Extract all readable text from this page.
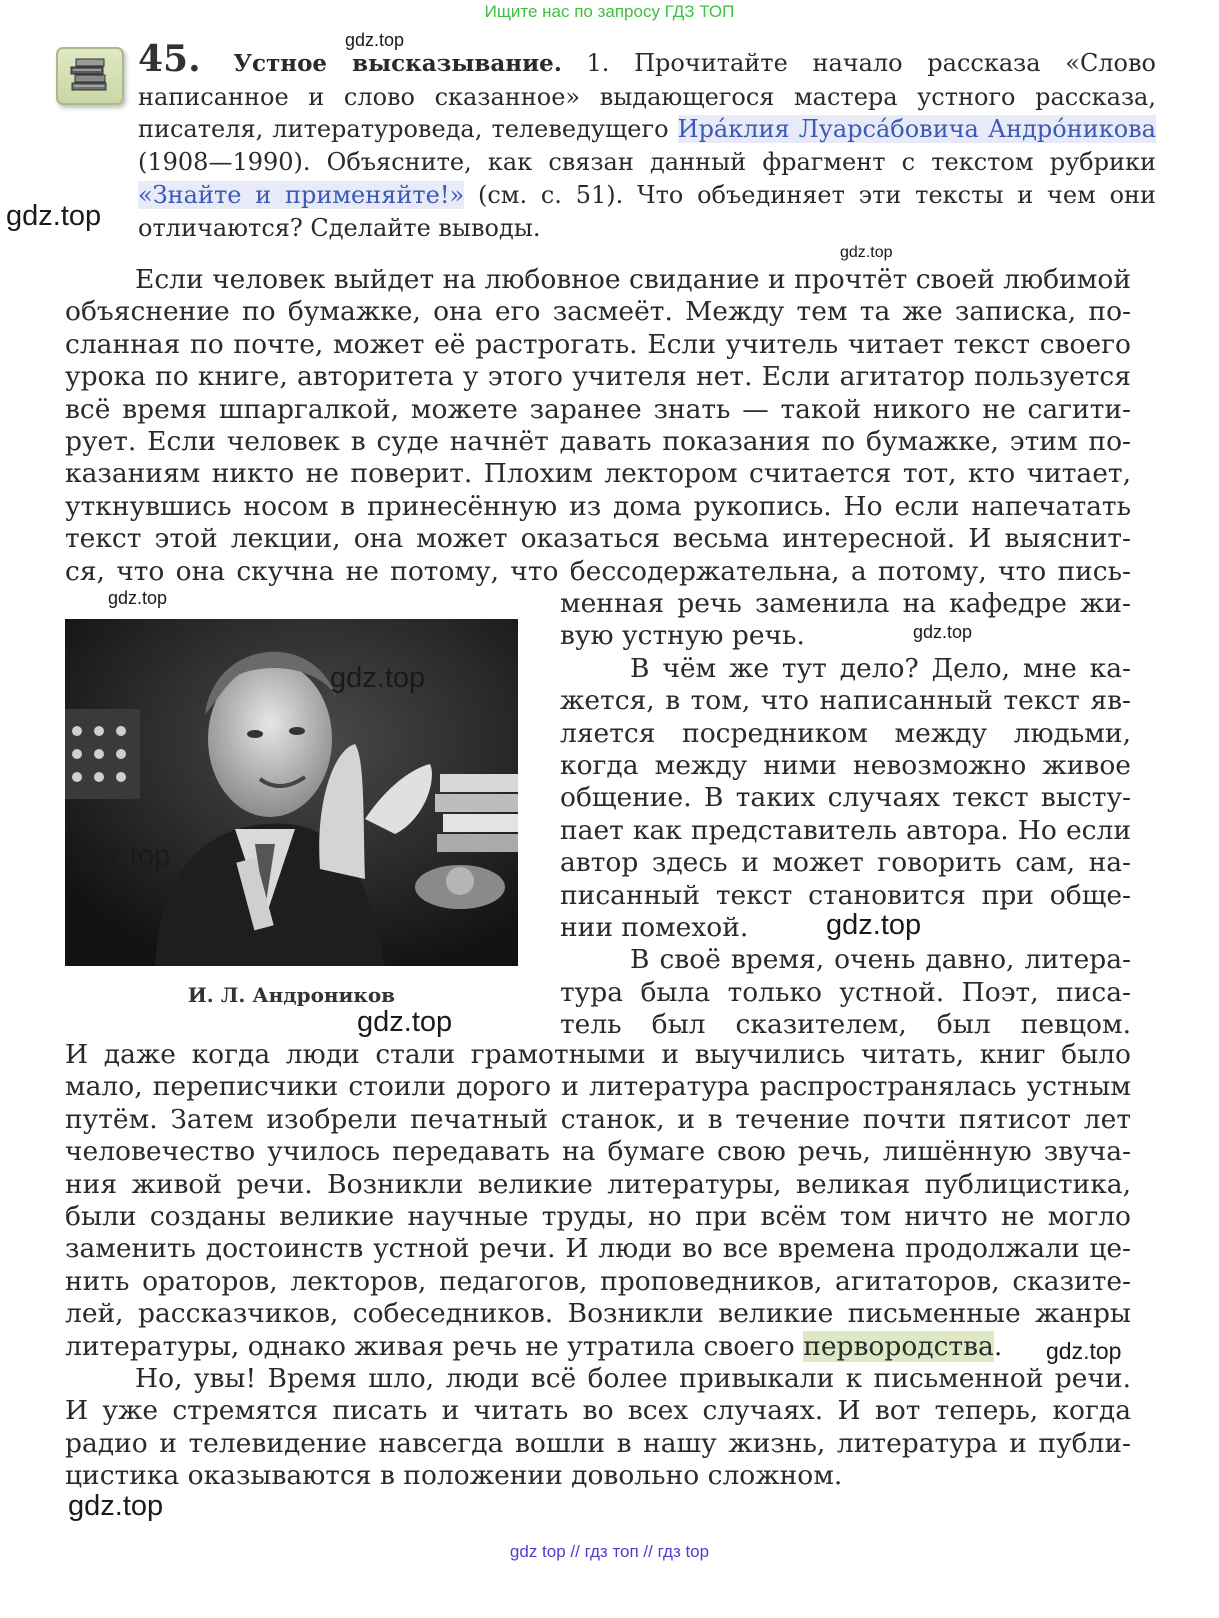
Ищите нас по запросу ГДЗ ТОП
45. Устное высказывание. 1. Прочитайте начало рассказа «Слово написанное и слово сказанное» выдающегося мастера устного рассказа, писателя, литературоведа, телеведущего Ира́клия Луарса́бовича Андро́никова (1908—1990). Объясните, как связан данный фрагмент с текстом рубрики «Знайте и применяйте!» (см. с. 51). Что объединяет эти тексты и чем они отличаются? Сделайте выводы.
Если человек выйдет на любовное свидание и прочтёт своей любимой
объяснение по бумажке, она его засмеёт. Между тем та же записка, по-
сланная по почте, может её растрогать. Если учитель читает текст своего
урока по книге, авторитета у этого учителя нет. Если агитатор пользуется
всё время шпаргалкой, можете заранее знать — такой никого не сагити-
рует. Если человек в суде начнёт давать показания по бумажке, этим по-
казаниям никто не поверит. Плохим лектором считается тот, кто читает,
уткнувшись носом в принесённую из дома рукопись. Но если напечатать
текст этой лекции, она может оказаться весьма интересной. И выяснит-
ся, что она скучна не потому, что бессодержательна, а потому, что пись-
И. Л. Андроников
менная речь заменила на кафедре жи-
вую устную речь.
В чём же тут дело? Дело, мне ка-
жется, в том, что написанный текст яв-
ляется посредником между людьми,
когда между ними невозможно живое
общение. В таких случаях текст высту-
пает как представитель автора. Но если
автор здесь и может говорить сам, на-
писанный текст становится при обще-
нии помехой.
В своё время, очень давно, литера-
тура была только устной. Поэт, писа-
тель был сказителем, был певцом.
И даже когда люди стали грамотными и выучились читать, книг было
мало, переписчики стоили дорого и литература распространялась устным
путём. Затем изобрели печатный станок, и в течение почти пятисот лет
человечество училось передавать на бумаге свою речь, лишённую звуча-
ния живой речи. Возникли великие литературы, великая публицистика,
были созданы великие научные труды, но при всём том ничто не могло
заменить достоинств устной речи. И люди во все времена продолжали це-
нить ораторов, лекторов, педагогов, проповедников, агитаторов, сказите-
лей, рассказчиков, собеседников. Возникли великие письменные жанры
литературы, однако живая речь не утратила своего первородства.
Но, увы! Время шло, люди всё более привыкали к письменной речи.
И уже стремятся писать и читать во всех случаях. И вот теперь, когда
радио и телевидение навсегда вошли в нашу жизнь, литература и публи-
цистика оказываются в положении довольно сложном.
gdz.top
gdz.top
gdz.top
gdz.top
gdz.top
gdz.top
gdz.top
gdz.top
gdz.top
gdz.top
gdz.top
gdz top // гдз топ // гдз top
